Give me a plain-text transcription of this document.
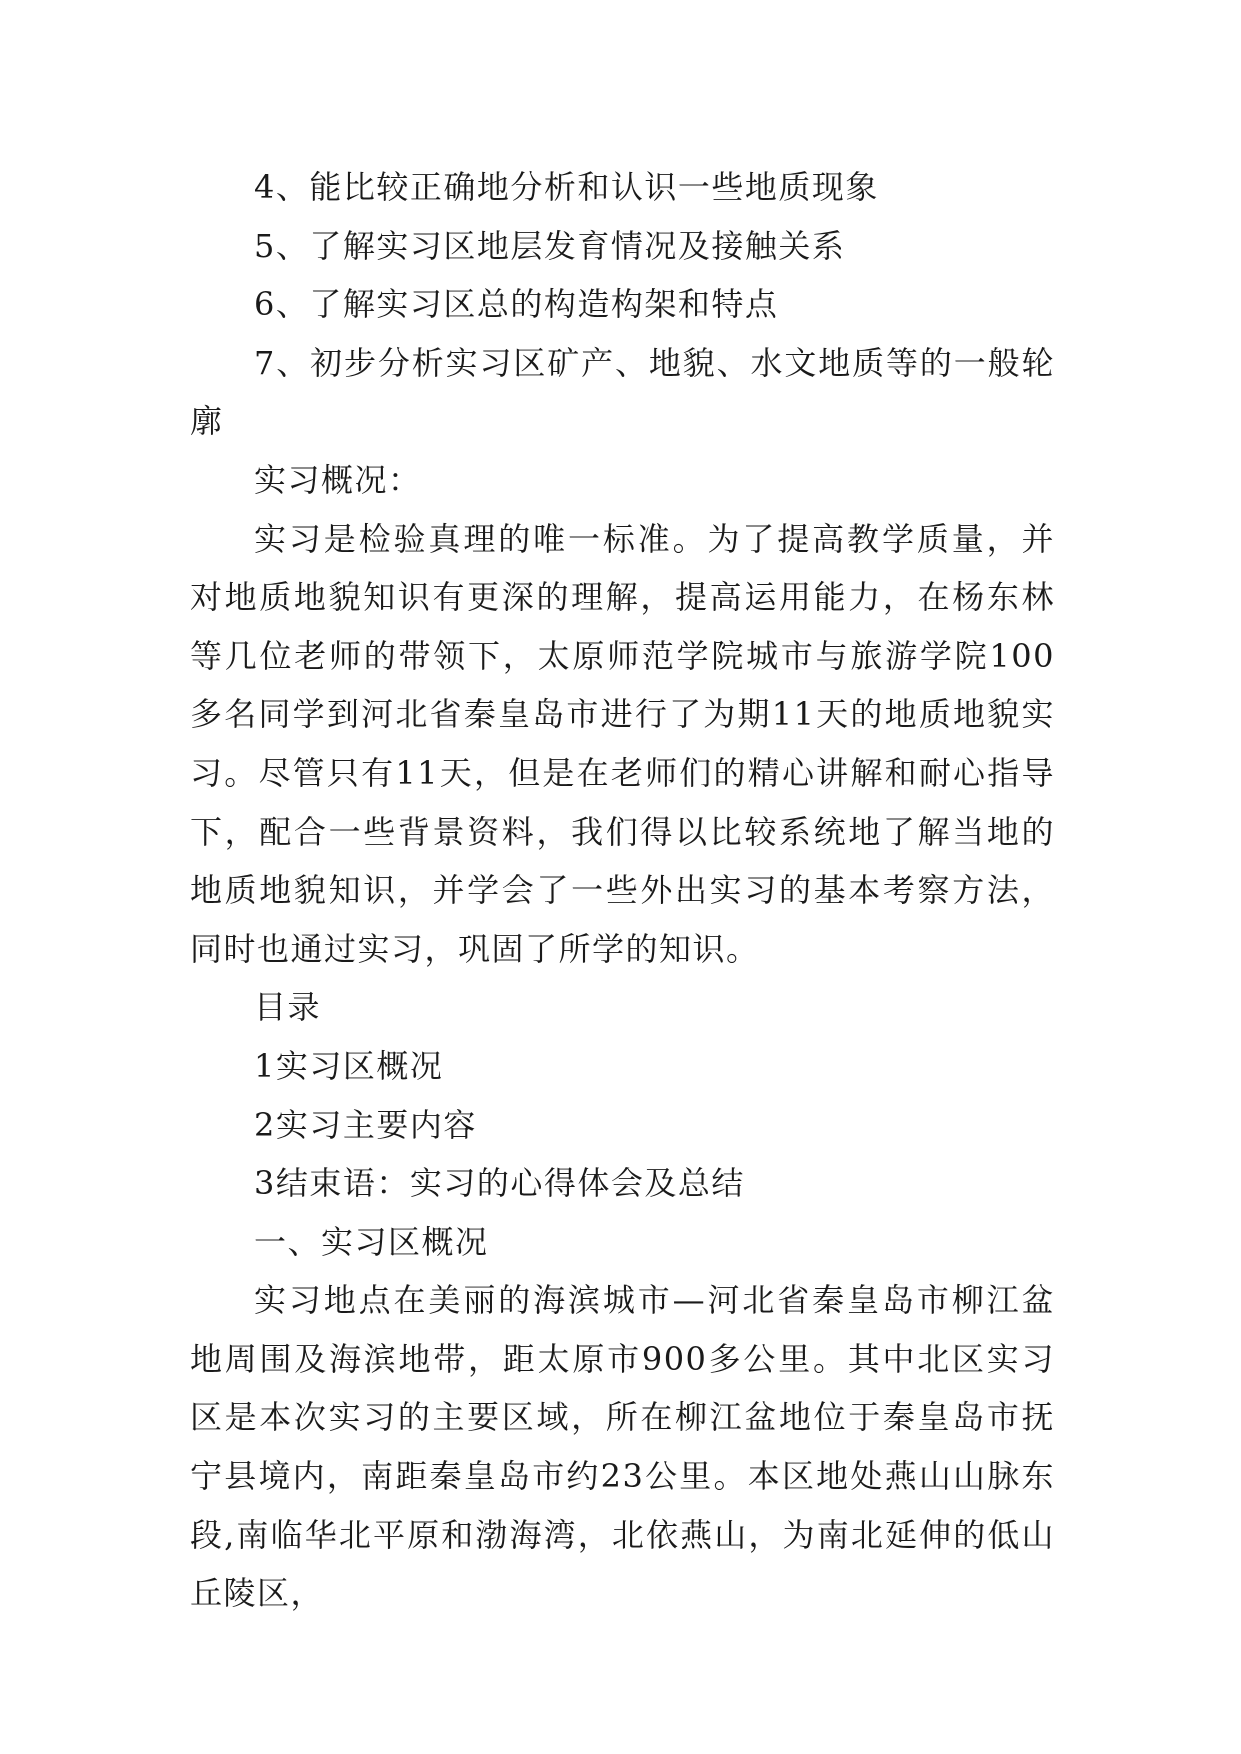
4、能比较正确地分析和认识一些地质现象

5、了解实习区地层发育情况及接触关系

6、了解实习区总的构造构架和特点

7、初步分析实习区矿产、地貌、水文地质等的一般轮廓

实习概况：

实习是检验真理的唯一标准。为了提高教学质量，并对地质地貌知识有更深的理解，提高运用能力，在杨东林等几位老师的带领下，太原师范学院城市与旅游学院100多名同学到河北省秦皇岛市进行了为期11天的地质地貌实习。尽管只有11天，但是在老师们的精心讲解和耐心指导下，配合一些背景资料，我们得以比较系统地了解当地的地质地貌知识，并学会了一些外出实习的基本考察方法，同时也通过实习，巩固了所学的知识。

目录

1实习区概况

2实习主要内容

3结束语：实习的心得体会及总结

一、实习区概况

实习地点在美丽的海滨城市—河北省秦皇岛市柳江盆地周围及海滨地带，距太原市900多公里。其中北区实习区是本次实习的主要区域，所在柳江盆地位于秦皇岛市抚宁县境内，南距秦皇岛市约23公里。本区地处燕山山脉东段,南临华北平原和渤海湾，北依燕山，为南北延伸的低山丘陵区，
